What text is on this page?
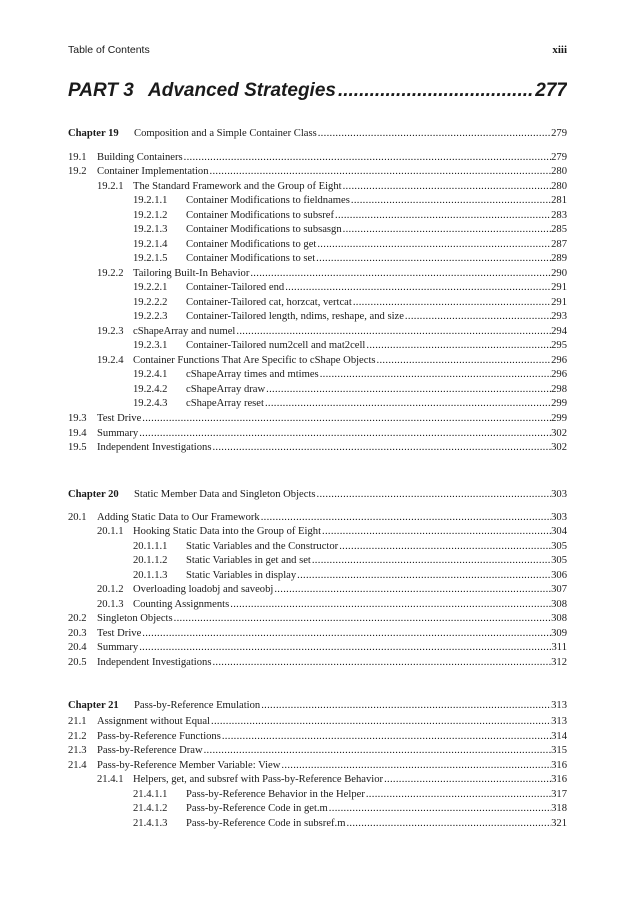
Table of Contents	xiii
PART 3 Advanced Strategies .....	277
Chapter 19	Composition and a Simple Container Class .....	279
19.1 Building Containers .....	279
19.2 Container Implementation .....	280
19.2.1 The Standard Framework and the Group of Eight .....	280
19.2.1.1	Container Modifications to fieldnames .....	281
19.2.1.2	Container Modifications to subsref .....	283
19.2.1.3	Container Modifications to subsasgn .....	285
19.2.1.4	Container Modifications to get .....	287
19.2.1.5	Container Modifications to set .....	289
19.2.2 Tailoring Built-In Behavior .....	290
19.2.2.1	Container-Tailored end .....	291
19.2.2.2	Container-Tailored cat, horzcat, vertcat .....	291
19.2.2.3	Container-Tailored length, ndims, reshape, and size .....	293
19.2.3 cShapeArray and numel .....	294
19.2.3.1	Container-Tailored num2cell and mat2cell .....	295
19.2.4 Container Functions That Are Specific to cShape Objects .....	296
19.2.4.1	cShapeArray times and mtimes .....	296
19.2.4.2	cShapeArray draw .....	298
19.2.4.3	cShapeArray reset .....	299
19.3 Test Drive .....	299
19.4 Summary .....	302
19.5 Independent Investigations .....	302
Chapter 20	Static Member Data and Singleton Objects .....	303
20.1 Adding Static Data to Our Framework .....	303
20.1.1 Hooking Static Data into the Group of Eight .....	304
20.1.1.1	Static Variables and the Constructor .....	305
20.1.1.2	Static Variables in get and set .....	305
20.1.1.3	Static Variables in display .....	306
20.1.2 Overloading loadobj and saveobj .....	307
20.1.3 Counting Assignments .....	308
20.2 Singleton Objects .....	308
20.3 Test Drive .....	309
20.4 Summary .....	311
20.5 Independent Investigations .....	312
Chapter 21	Pass-by-Reference Emulation .....	313
21.1 Assignment without Equal .....	313
21.2 Pass-by-Reference Functions .....	314
21.3 Pass-by-Reference Draw .....	315
21.4 Pass-by-Reference Member Variable: View .....	316
21.4.1 Helpers, get, and subsref with Pass-by-Reference Behavior .....	316
21.4.1.1	Pass-by-Reference Behavior in the Helper .....	317
21.4.1.2	Pass-by-Reference Code in get.m .....	318
21.4.1.3	Pass-by-Reference Code in subsref.m .....	321
